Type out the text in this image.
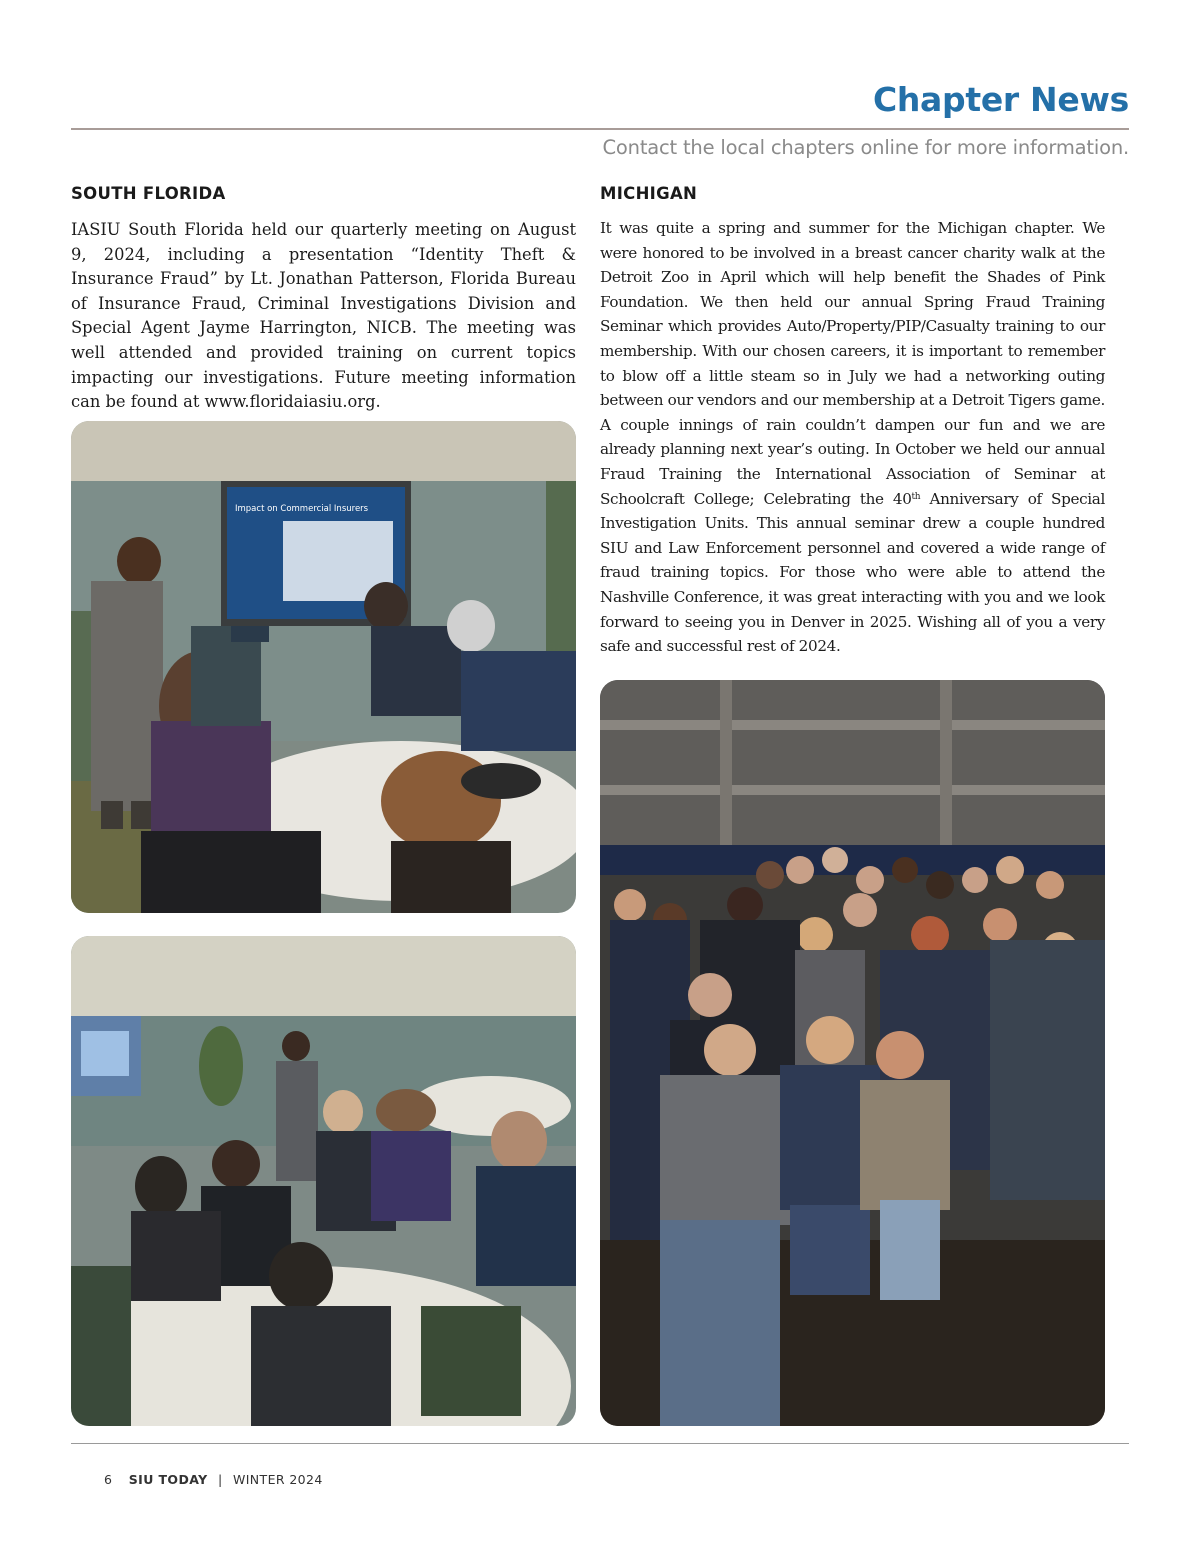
Chapter News
Contact the local chapters online for more information.
SOUTH FLORIDA

IASIU South Florida held our quarterly meeting on August 9, 2024, including a presentation “Identity Theft & Insurance Fraud” by Lt. Jonathan Patterson, Florida Bureau of Insurance Fraud, Criminal Investigations Division and Special Agent Jayme Harrington, NICB. The meeting was well attended and provided training on current topics impacting our investigations. Future meeting information can be found at www.floridaiasiu.org.

MICHIGAN

It was quite a spring and summer for the Michigan chapter. We were honored to be involved in a breast cancer charity walk at the Detroit Zoo in April which will help benefit the Shades of Pink Foundation. We then held our annual Spring Fraud Training Seminar which provides Auto/Property/PIP/Casualty training to our membership. With our chosen careers, it is important to remember to blow off a little steam so in July we had a networking outing between our vendors and our membership at a Detroit Tigers game. A couple innings of rain couldn’t dampen our fun and we are already planning next year’s outing. In October we held our annual Fraud Training the International Association of Seminar at Schoolcraft College; Celebrating the 40th Anniversary of Special Investigation Units. This annual seminar drew a couple hundred SIU and Law Enforcement personnel and covered a wide range of fraud training topics. For those who were able to attend the Nashville Conference, it was great interacting with you and we look forward to seeing you in Denver in 2025. Wishing all of you a very safe and successful rest of 2024.

Impact on Commercial Insurers
6 SIU TODAY | WINTER 2024
